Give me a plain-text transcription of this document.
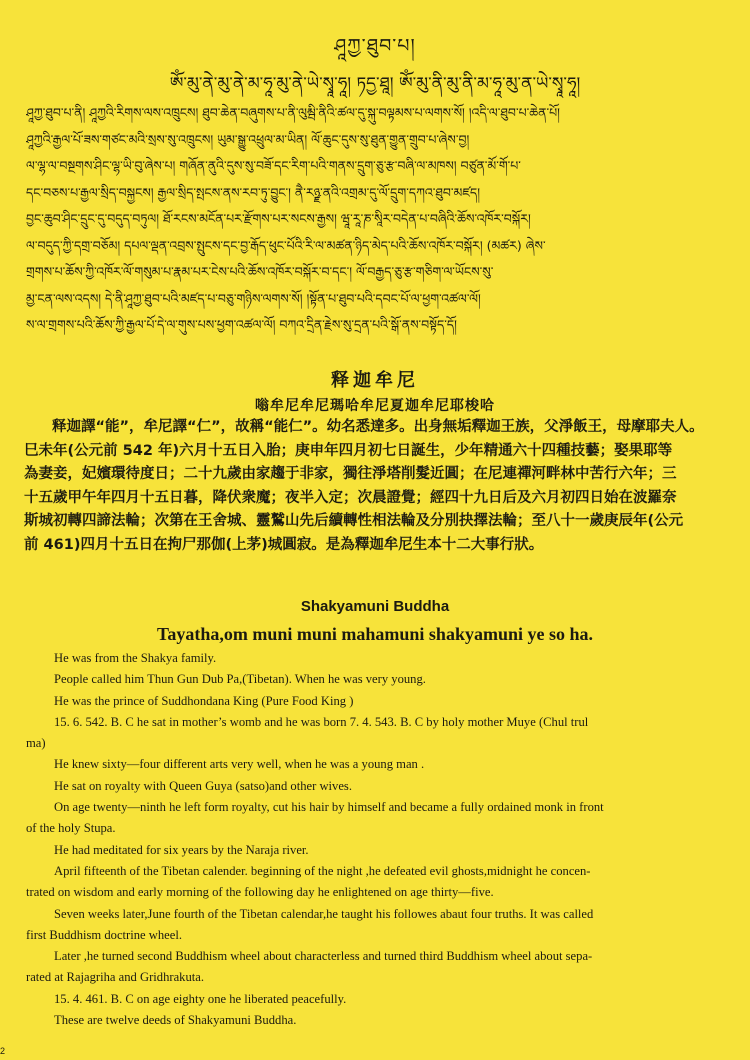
ཤཱཀྱ་ཐུབ་པ།
ཨོཾ་མུ་ནེ་མུ་ནེ་མ་ཧཱ་མུ་ནེ་ཡེ་སྭཱ་ཧཱ། ཏདྱ་ཐཱ། ཨོཾ་མུ་ནི་མུ་ནི་མ་ཧཱ་མུ་ན་ཡེ་སྭཱ་ཧཱ།
ཤཱཀྱ་ཐུབ་པ་ནི། ཤཱཀྱའི་རིགས་ལས་འཁྲུངས། ཐུབ་ཆེན་བཞུགས་པ་ནི་ལུམྦི་ནིའི་ཚལ་དུ་སྐུ་བལྟམས་པ་ལགས་སོ། །འདི་ལ་ཐུབ་པ་ཆེན་པོ།
ཤཱཀྱའི་རྒྱལ་པོ་ཟས་གཙང་མའི་སྲས་སུ་འཁྲུངས། ཡུམ་སྒྱུ་འཕྲུལ་མ་ཡིན། ལོ་ཆུང་དུས་སུ་ཐུན་གྱུན་གྲུབ་པ་ཞེས་བྱ།
ལ་ལྷ་ལ་བསྔགས་ཤིང་ལྷ་ཡི་བུ་ཞེས་པ། གཞོན་ནུའི་དུས་སུ་བཟོ་དང་རིག་པའི་གནས་དྲུག་ཅུ་རྩ་བཞི་ལ་མཁས། བཙུན་མོ་གོ་པ་
དང་བཅས་པ་རྒྱལ་སྲིད་བསྐྱངས། རྒྱལ་སྲིད་སྤངས་ནས་རབ་ཏུ་བྱུང་། ནཻ་རཉྫ་ནའི་འགྲམ་དུ་ལོ་དྲུག་དཀའ་ཐུབ་མཛད།
བྱང་ཆུབ་ཤིང་དྲུང་དུ་བདུད་བཏུལ། ཐོ་རངས་མངོན་པར་རྫོགས་པར་སངས་རྒྱས། ཝཱ་རཱ་ཎ་སཱིར་བདེན་པ་བཞིའི་ཆོས་འཁོར་བསྐོར།
ལ་བདུད་ཀྱི་དགྲ་བཅོམ། དཔལ་ལྡན་འབྲས་སྤུངས་དང་བྱ་རྒོད་ཕུང་པོའི་རི་ལ་མཚན་ཉིད་མེད་པའི་ཆོས་འཁོར་བསྐོར། (མཚར) ཞེས་
གྲགས་པ་ཆོས་ཀྱི་འཁོར་ལོ་གསུམ་པ་རྣམ་པར་ངེས་པའི་ཆོས་འཁོར་བསྐོར་བ་དང་། ལོ་བརྒྱད་ཅུ་རྩ་གཅིག་ལ་ཡོངས་སུ་
མྱ་ངན་ལས་འདས། དེ་ནི་ཤཱཀྱ་ཐུབ་པའི་མཛད་པ་བཅུ་གཉིས་ལགས་སོ། །སྟོན་པ་ཐུབ་པའི་དབང་པོ་ལ་ཕྱག་འཚལ་ལོ།
ས་ལ་གྲགས་པའི་ཆོས་ཀྱི་རྒྱལ་པོ་དེ་ལ་གུས་པས་ཕྱག་འཚལ་ལོ། བཀའ་དྲིན་རྗེས་སུ་དྲན་པའི་སྒོ་ནས་བསྟོད་དོ།
释迦牟尼
嗡牟尼牟尼瑪哈牟尼夏迦牟尼耶梭哈
释迦譯“能”，牟尼譯“仁”，故稱“能仁”。幼名悉達多。出身無垢釋迦王族，父淨飯王，母摩耶夫人。
巳未年(公元前 542 年)六月十五日入胎；庚申年四月初七日誕生，少年精通六十四種技藝；娶果耶等
為妻妾，妃嬪環待度日；二十九歲由家趨于非家，獨往淨塔削髮近圓；在尼連禪河畔林中苦行六年；三
十五歲甲午年四月十五日暮，降伏衆魔；夜半入定；次晨證覺；經四十九日后及六月初四日始在波羅奈
斯城初轉四諦法輪；次第在王舍城、靈鷲山先后續轉性相法輪及分別抉擇法輪；至八十一歲庚辰年(公元
前 461)四月十五日在拘尸那伽(上茅)城圓寂。是為釋迦牟尼生本十二大事行狀。
Shakyamuni Buddha
Tayatha,om muni muni mahamuni shakyamuni ye so ha.
He was from the Shakya family.
People called him Thun Gun Dub Pa,(Tibetan). When he was very young.
He was the prince of Suddhondana King (Pure Food King )
15. 6. 542. B. C he sat in mother’s womb and he was born 7. 4. 543. B. C by holy mother Muye (Chul trul
ma)
He knew sixty—four different arts very well, when he was a young man .
He sat on royalty with Queen Guya (satso)and other wives.
On age twenty—ninth he left form royalty, cut his hair by himself and became a fully ordained monk in front
of the holy Stupa.
He had meditated for six years by the Naraja river.
April fifteenth of the Tibetan calender. beginning of the night ,he defeated evil ghosts,midnight he concen-
trated on wisdom and early morning of the following day he enlightened on age thirty—five.
Seven weeks later,June fourth of the Tibetan calendar,he taught his followes abaut four truths. It was called
first Buddhism doctrine wheel.
Later ,he turned second Buddhism wheel about characterless and turned third Buddhism wheel about sepa-
rated at Rajagriha and Gridhrakuta.
15. 4. 461. B. C on age eighty one he liberated peacefully.
These are twelve deeds of Shakyamuni Buddha.
2
